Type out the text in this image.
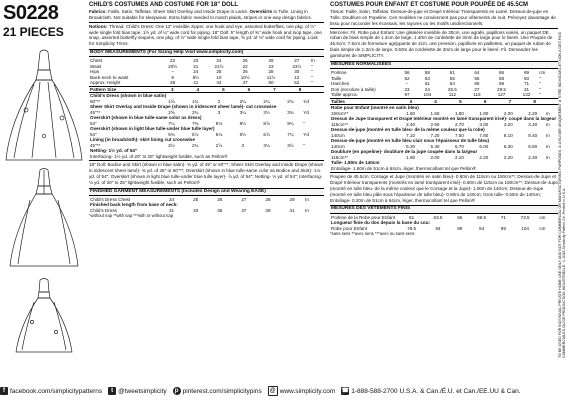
S0228
21 PIECES
CHILD'S COSTUMES AND COSTUME FOR 18" DOLL
Fabrics: Faille, Satin, Taffetas. Sheer Skirt Overlay and Inside Drape in Lamé. Overskirts in Tulle. Lining in Broadcloth. Not suitable for sleepwear. Extra fabric needed to match plaids, stripes or one-way design fabrics.
Notions: Thread. Child's Dress: One 12" invisible zipper, one hook and eye, assorted butterflies, one pkg. of ½" wide single fold bias tape, 1½ yd. of ¼" wide cord for piping. 18" Doll: 5" length of ⅜" wide hook and loop tape, one snap, assorted butterfly sequins, one pkg. of ½" wide single fold bias tape, ⅝ yd. of ⅛" wide cord for piping. Look for Simplicity Trims.
BODY MEASUREMENTS (For Sizing Help Visit www.simplicity.com)
Chest	22	23	24	25	26	27	In
Waist	20½	21	21½	22	23	23½	"
Hips	–	24	25	26	28	30	"
Back-neck to waist	9	9½	10	10½	11½	12	"
Approx. Height	38	41	44	47	50	52	"
Pattern Size	3	4	5	6	7	8	
Child's Dress (shown in blue satin)							
60"**	1⅝	1¾	2	2¼	2¼	2¾	Yd
Sheer Skirt Overlay and Inside Drape (shown in iridescent sheer lamé)- cut crosswise							
45"**	2⅝	2¾	3	3¼	3½	3¾	Yd
Overskirt (shown in blue tulle-same color as dress)							
54"	7¼	7⅜	8⅛	8½	8⅞	9¼	"
Overskirt (shown in light blue tulle-under blue tulle layer)							
54"	5¾	5⅞	6⅛	6½	6⅞	7¼	Yd
Lining (in broadcloth)- skirt lining cut crosswise							
45"**	2½	2¾	2⅞	3	3¼	3½	"
Netting- 1½ yd. of 54"							
Interfacing- 1½ yd. of 20" to 25" lightweight fusible, such as Pellon®							
18" Doll: Bodice and Skirt (shown in blue satin)- ⅜ yd. of 45" or 60"**; Sheer Skirt Overlay and Inside Drape (shown in iridescent sheer lamé)- ⅜ yd. of 45" or 60"**; Overskirt (shown in blue tulle-same color as Bodice and Skirt)- 1⅛ yd. of 54"; Overskirt (shown in light blue tulle-under blue tulle layer)- ⅞ yd. of 54"; Netting- ⅛ yd. of 54"; Interfacing- ⅛ yd. of 20" to 25" lightweight fusible, such as Pellon®
FINISHED GARMENT MEASUREMENTS (Includes Design and Wearing EASE)
Child's Dress Chest	24	25	26	27	28	29	In
Finished back length from base of neck:							
Child's Dress	31	33	35	37	39	41	In
*without nap **with nap ***with or without nap
COSTUMES POUR ENFANT ET COSTUME POUR POUPÉE DE 45.5CM
Tissus: Faille, Satin, Taffetas. Dessus-de-jupe et Drapé Intérieur Transparents en Lamé. Dessus-de-jupe en Tulle. Doublure en Popeline. Ces modèles ne conviennent pas pour vêtements de nuit. Prévoyez davantage de tissu pour raccorder les écossais, les rayures ou les motifs unidirectionnels.
Mercerie: Fil. Robe pour Enfant: Une glissière invisible de 30cm, une agrafe, papillons variés, un paquet DE ruban de biais simple de 1.3cm de large, 1.40m de cordelette de 3mm de large pour le liseré. Une Poupée de 45.5cm: 7.5cm de fermeture agrippante de 2cm, une pression, papillons en paillettes, un paquet de ruban de biais simple de 1.3cm de large, 0.50m de cordelette de 3mm de large pour le liseré. Fil. Demandez les garnitures de SIMPLICITY.
MESURES NORMALISÉES
Poitrine	56	58	61	64	66	69	cm
Taille	52	53	55	56	58	60	"
Hanches	–	61	64	66	69	71	"
Dos (encolure à taille)	23	24	25.5	27	29.5	31	"
Taille approx.	97	104	112	119	127	132	"
Tailles	3	4	5	6	7	8	
Robe pour Enfant (montré en satin bleu)							
150cm**	1.50	1.60	1.80	1.90	2.00	2.20	m
Dessus de Jupe transparent et Drapé Intérieur montré en lamé transparent irisé)- coupé dans la largeur							
115cm**	2.40	2.50	2.70	3.00	3.20	3.40	m
Dessus-de-jupe (montré en tulle bleu- de la même couleur que la robe)							
140cm	7.10	7.20	7.50	7.80	8.10	8.40	m
Dessus-de-jupe (montré en tulle bleu clair sous l'épaisseur de tulle bleu)							
140cm	5.30	5.40	5.70	6.00	6.30	6.60	m
Doublure (en popeline)- doublure de la jupe coupée dans la largeur							
115cm**	1.90	2.00	2.10	2.20	2.20	2.40	m
Tulle- 1.80m de 140cm							
Entoilage- 1.60m de 51cm à 64cm, léger, thermocollant tel que Pellon®							
Poupée de 45.5cm: Corsage et Jupe (montrés en satin bleu)- 0.60m de 115cm ou 150cm**; Dessus-de-Jupe et Drapé Intérieur transparents (montrés en lamé transparent irisé)- 0.60m de 115cm ou 150cm**; Dessus-de-Jupe (montré en tulle bleu- de la même couleur que le Corsage et la Jupe)- 1.00m de 140cm; Dessus-de-Jupe (montré en tulle bleu pâle sous l'épaisseur de tulle bleu)- 0.80m de 140cm; Gros tulle- 0.50m de 140cm; Entoilage- 0.20m de 51cm à 64cm, léger, thermocollant tel que Pellon®
MESURES DES VÊTEMENTS FINIS
Poitrine de la Robe pour Enfant	61	63.5	66	68.5	71	73.5	cm
Longueur finie du dos depuis la base du cou:							
Robe pour Enfant	78.5	84	89	94	99	104	cm
*sans sens **avec sens ***avec ou sans sens	TO BE USED FOR INDIVIDUAL PRIVATE HOME USE ONLY AND NOT FOR COMMERCIAL OR MANUFACTURING PURPOSES. À UTILISER UNIQUEMENT À TITRE INDIVIDUEL ET NON À DES FINS COMMERCIALES OU DE PRODUCTION INDUSTRIELLE. ©2018 Simplicity Pattern Co. Printed in U.S.A.
f facebook.com/simplicitypatterns	t @tweetsimplicity	p pinterest.com/simplicitypins	@ www.simplicity.com ☎ 1-888-588-2700 U.S.A. & Can./É.U. et Can./EE.UU & Can.
